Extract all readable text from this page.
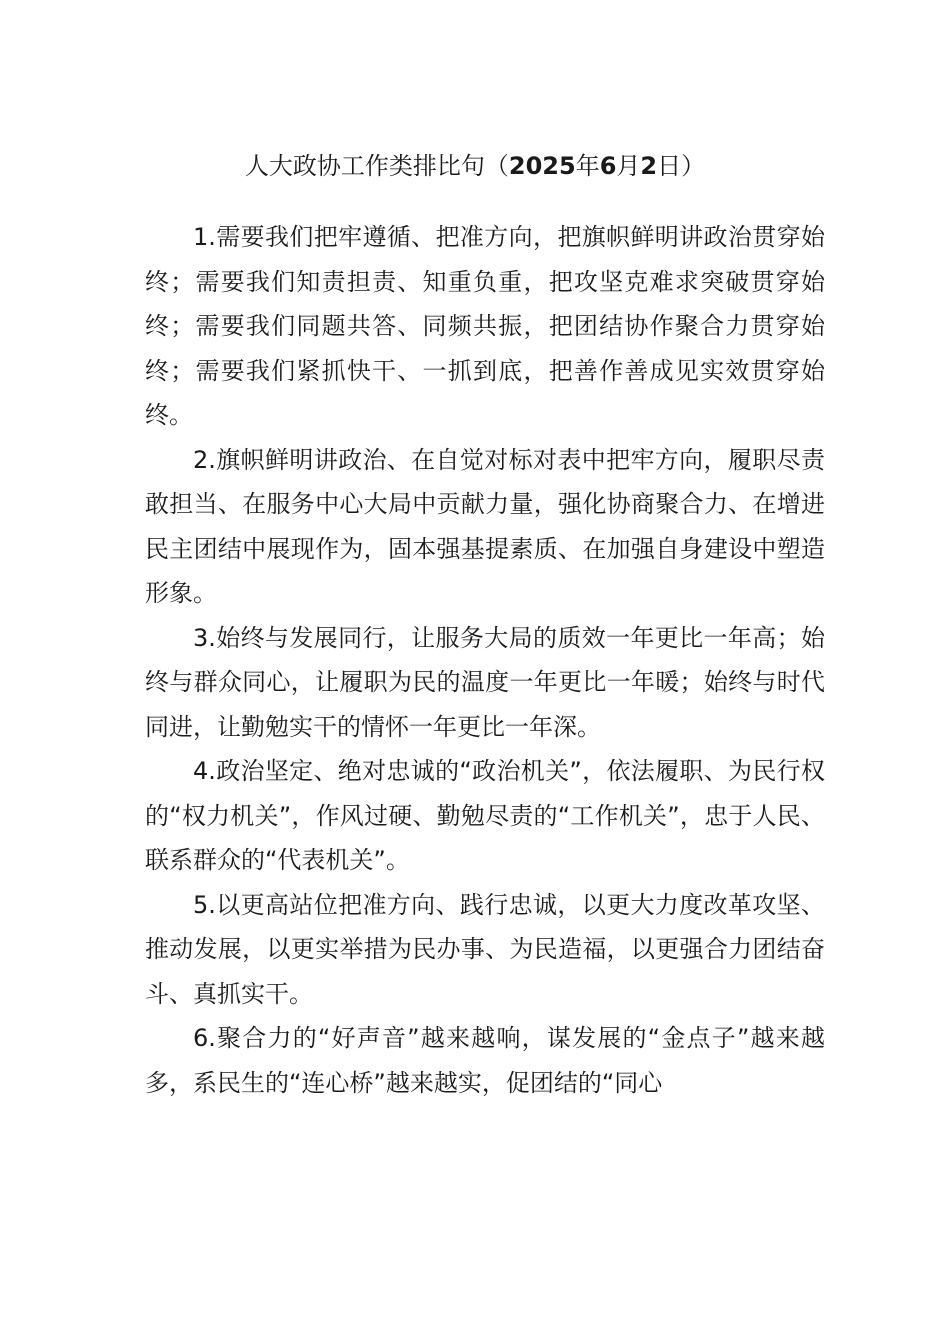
人大政协工作类排比句（2025年6月2日）

1.需要我们把牢遵循、把准方向，把旗帜鲜明讲政治贯穿始终；需要我们知责担责、知重负重，把攻坚克难求突破贯穿始终；需要我们同题共答、同频共振，把团结协作聚合力贯穿始终；需要我们紧抓快干、一抓到底，把善作善成见实效贯穿始终。

2.旗帜鲜明讲政治、在自觉对标对表中把牢方向，履职尽责敢担当、在服务中心大局中贡献力量，强化协商聚合力、在增进民主团结中展现作为，固本强基提素质、在加强自身建设中塑造形象。

3.始终与发展同行，让服务大局的质效一年更比一年高；始终与群众同心，让履职为民的温度一年更比一年暖；始终与时代同进，让勤勉实干的情怀一年更比一年深。

4.政治坚定、绝对忠诚的“政治机关”，依法履职、为民行权的“权力机关”，作风过硬、勤勉尽责的“工作机关”，忠于人民、联系群众的“代表机关”。

5.以更高站位把准方向、践行忠诚，以更大力度改革攻坚、推动发展，以更实举措为民办事、为民造福，以更强合力团结奋斗、真抓实干。

6.聚合力的“好声音”越来越响，谋发展的“金点子”越来越多，系民生的“连心桥”越来越实，促团结的“同心
